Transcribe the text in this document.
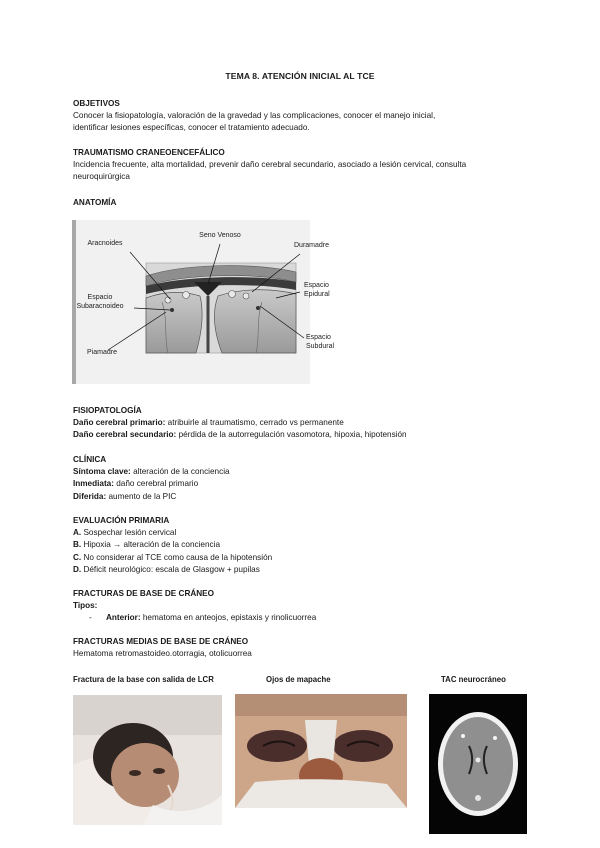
TEMA 8. ATENCIÓN INICIAL AL TCE
OBJETIVOS
Conocer la fisiopatología, valoración de la gravedad y las complicaciones, conocer el manejo inicial,
identificar lesiones específicas, conocer el tratamiento adecuado.
TRAUMATISMO CRANEOENCEFÁLICO
Incidencia frecuente, alta mortalidad, prevenir daño cerebral secundario, asociado a lesión cervical, consulta
neuroquirúrgica
ANATOMÍA
Seno Venoso
Aracnoides	Duramadre
Espacio
Subaracnoideo
Espacio
Epidural
Piamadre
Espacio
Subdural
FISIOPATOLOGÍA
Daño cerebral primario: atribuirle al traumatismo, cerrado vs permanente
Daño cerebral secundario: pérdida de la autorregulación vasomotora, hipoxia, hipotensión
CLÍNICA
Síntoma clave: alteración de la conciencia
Inmediata: daño cerebral primario
Diferida: aumento de la PIC
EVALUACIÓN PRIMARIA
A. Sospechar lesión cervical
B. Hipoxia → alteración de la conciencia
C. No considerar al TCE como causa de la hipotensión
D. Déficit neurológico: escala de Glasgow + pupilas
FRACTURAS DE BASE DE CRÁNEO
Tipos:
- Anterior: hematoma en anteojos, epistaxis y rinolicuorrea
FRACTURAS MEDIAS DE BASE DE CRÁNEO
Hematoma retromastoideo.otorragia, otolicuorrea
Fractura de la base con salida de LCR	Ojos de mapache	TAC neurocráneo
